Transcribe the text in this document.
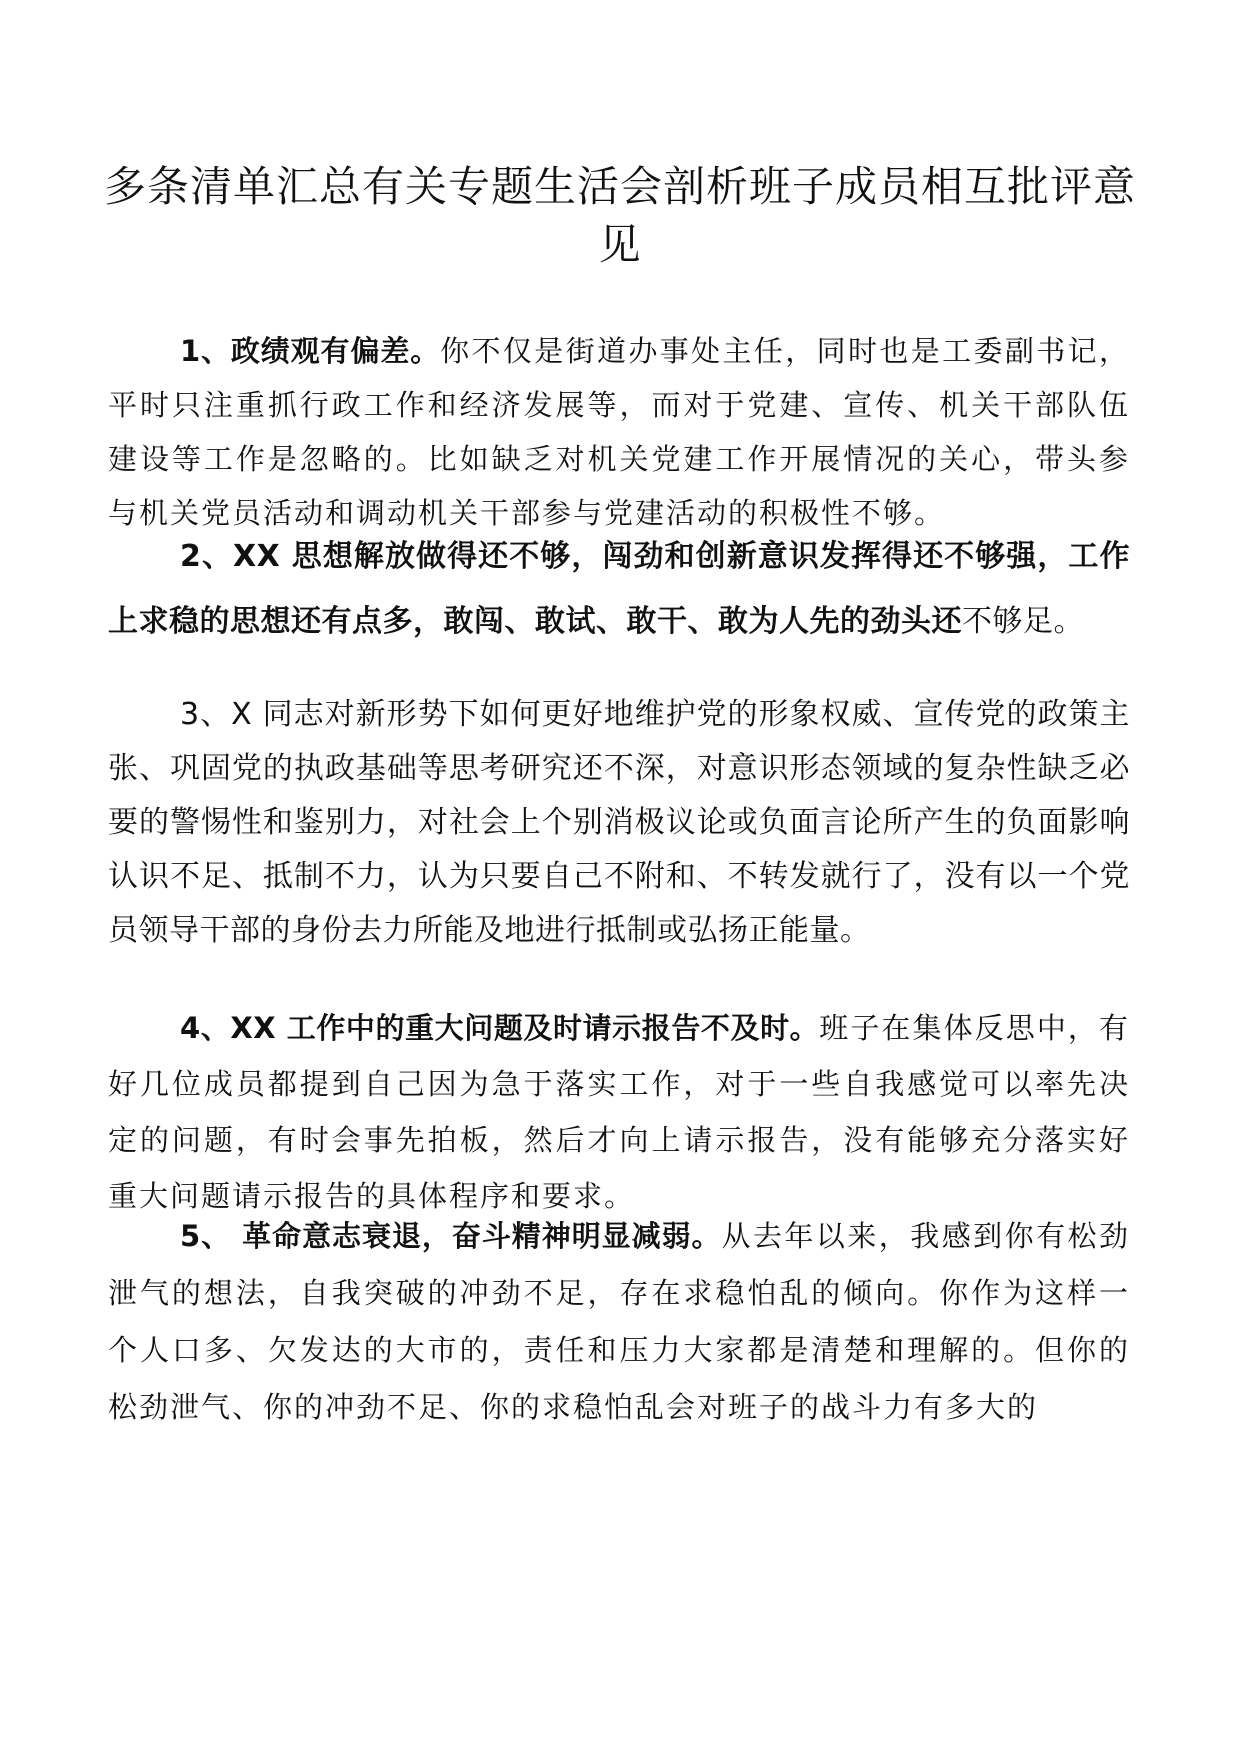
多条清单汇总有关专题生活会剖析班子成员相互批评意见

1、政绩观有偏差。你不仅是街道办事处主任，同时也是工委副书记，平时只注重抓行政工作和经济发展等，而对于党建、宣传、机关干部队伍建设等工作是忽略的。比如缺乏对机关党建工作开展情况的关心，带头参与机关党员活动和调动机关干部参与党建活动的积极性不够。

2、XX 思想解放做得还不够，闯劲和创新意识发挥得还不够强，工作上求稳的思想还有点多，敢闯、敢试、敢干、敢为人先的劲头还不够足。

3、X 同志对新形势下如何更好地维护党的形象权威、宣传党的政策主张、巩固党的执政基础等思考研究还不深，对意识形态领域的复杂性缺乏必要的警惕性和鉴别力，对社会上个别消极议论或负面言论所产生的负面影响认识不足、抵制不力，认为只要自己不附和、不转发就行了，没有以一个党员领导干部的身份去力所能及地进行抵制或弘扬正能量。

4、XX 工作中的重大问题及时请示报告不及时。班子在集体反思中，有好几位成员都提到自己因为急于落实工作，对于一些自我感觉可以率先决定的问题，有时会事先拍板，然后才向上请示报告，没有能够充分落实好重大问题请示报告的具体程序和要求。

5、 革命意志衰退，奋斗精神明显减弱。从去年以来，我感到你有松劲泄气的想法，自我突破的冲劲不足，存在求稳怕乱的倾向。你作为这样一个人口多、欠发达的大市的，责任和压力大家都是清楚和理解的。但你的松劲泄气、你的冲劲不足、你的求稳怕乱会对班子的战斗力有多大的
